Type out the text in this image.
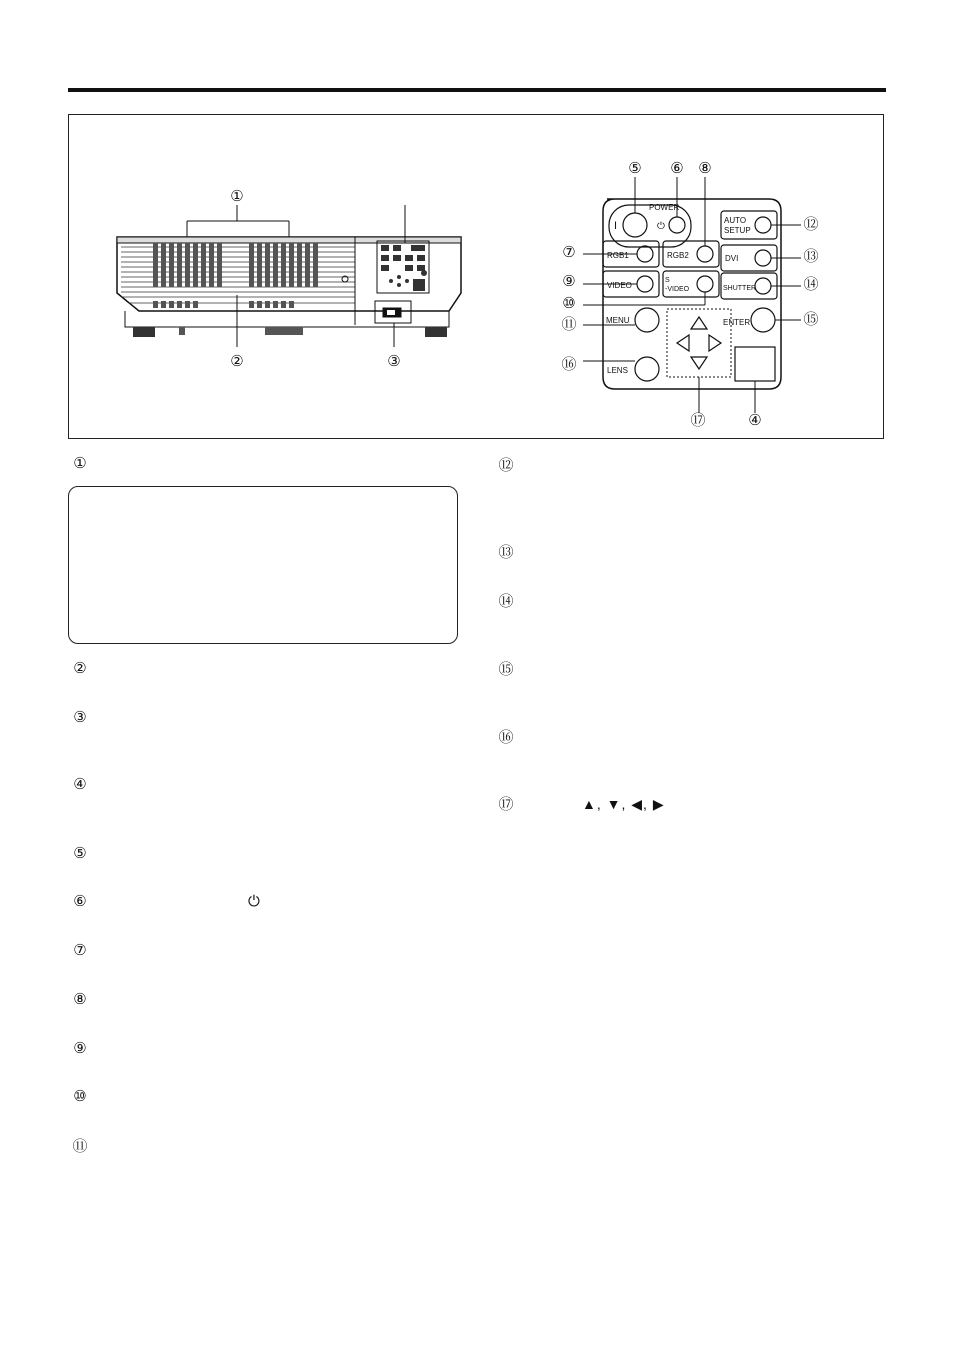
POWER
I	⏻
RGB1	RGB2
AUTO
SETUP
DVI
VIDEO
S
-VIDEO	SHUTTER
MENU	ENTER
LENS
①
②	③
④
⑤ ⑥ ⑧
⑦
⑨
⑩
⑪
⑯
⑫
⑬
⑭
⑮
⑰
①
②
③
④
⑤
⑥	⏻
⑦
⑧
⑨
⑩
⑪
⑫
⑬
⑭
⑮
⑯
⑰	▲, ▼, ◀, ▶
